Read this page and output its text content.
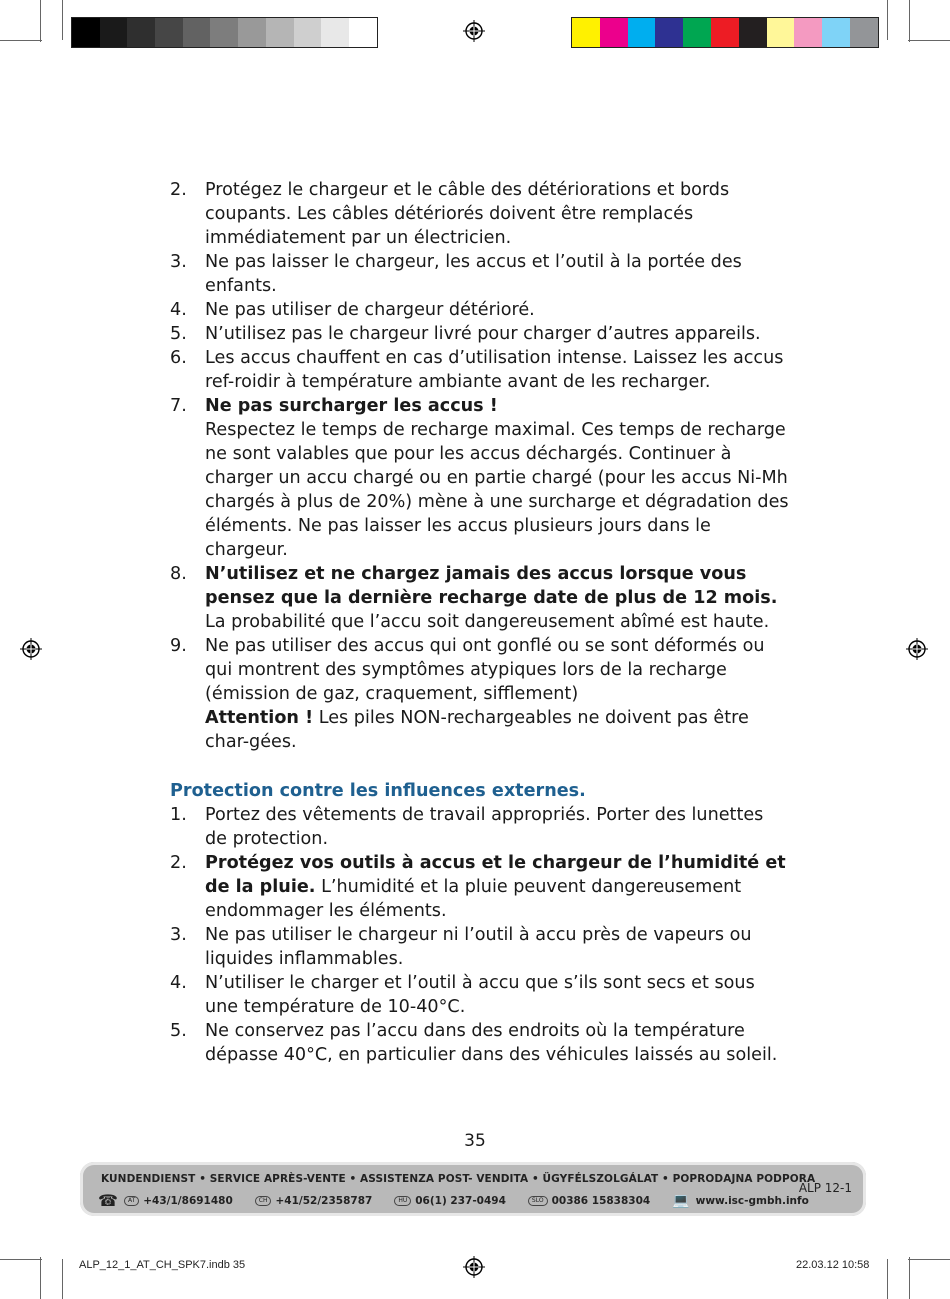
2.	Protégez le chargeur et le câble des détériorations et bords coupants. Les câbles détériorés doivent être remplacés immédiatement par un électricien.
3.	Ne pas laisser le chargeur, les accus et l’outil à la portée des enfants.
4.	Ne pas utiliser de chargeur détérioré.
5.	N’utilisez pas le chargeur livré pour charger d’autres appareils.
6.	Les accus chauffent en cas d’utilisation intense. Laissez les accus ref-roidir à température ambiante avant de les recharger.
7.	Ne pas surcharger les accus !
Respectez le temps de recharge maximal. Ces temps de recharge ne sont valables que pour les accus déchargés. Continuer à charger un accu chargé ou en partie chargé (pour les accus Ni-Mh chargés à plus de 20%) mène à une surcharge et dégradation des éléments. Ne pas laisser les accus plusieurs jours dans le chargeur.
8.	N’utilisez et ne chargez jamais des accus lorsque vous pensez que la dernière recharge date de plus de 12 mois. La probabilité que l’accu soit dangereusement abîmé est haute.
9.	Ne pas utiliser des accus qui ont gonflé ou se sont déformés ou qui montrent des symptômes atypiques lors de la recharge (émission de gaz, craquement, sifflement)
Attention ! Les piles NON-rechargeables ne doivent pas être char-gées.
Protection contre les influences externes.
1.	Portez des vêtements de travail appropriés. Porter des lunettes de protection.
2.	Protégez vos outils à accus et le chargeur de l’humidité et de la pluie. L’humidité et la pluie peuvent dangereusement endommager les éléments.
3.	Ne pas utiliser le chargeur ni l’outil à accu près de vapeurs ou liquides inflammables.
4.	N’utiliser le charger et l’outil à accu que s’ils sont secs et sous une température de 10-40°C.
5.	Ne conservez pas l’accu dans des endroits où la température dépasse 40°C, en particulier dans des véhicules laissés au soleil.
35
KUNDENDIENST • SERVICE APRÈS-VENTE • ASSISTENZA POST- VENDITA • ÜGYFÉLSZOLGÁLAT • POPRODAJNA PODPORA
☎	AT +43/1/8691480	CH +41/52/2358787	HU 06(1) 237-0494	SLO 00386 15838304 💻 www.isc-gmbh.info
ALP 12-1
ALP_12_1_AT_CH_SPK7.indb 35	22.03.12 10:58
